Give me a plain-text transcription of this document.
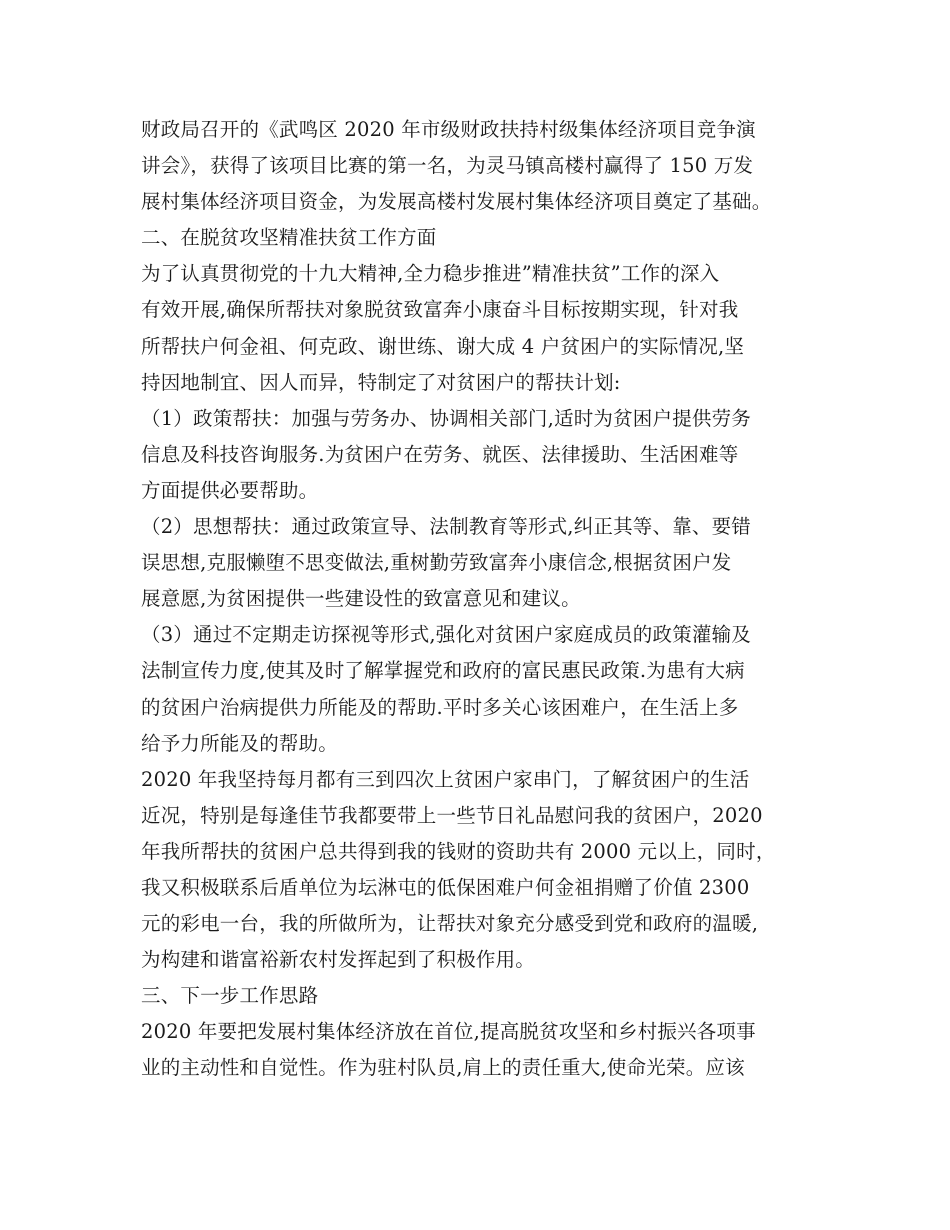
财政局召开的《武鸣区 2020 年市级财政扶持村级集体经济项目竞争演
讲会》，获得了该项目比赛的第一名，为灵马镇高楼村赢得了 150 万发
展村集体经济项目资金，为发展高楼村发展村集体经济项目奠定了基础。
二、在脱贫攻坚精准扶贫工作方面
为了认真贯彻党的十九大精神,全力稳步推进”精准扶贫”工作的深入
有效开展,确保所帮扶对象脱贫致富奔小康奋斗目标按期实现，针对我
所帮扶户何金祖、何克政、谢世练、谢大成 4 户贫困户的实际情况,坚
持因地制宜、因人而异，特制定了对贫困户的帮扶计划:
（1）政策帮扶：加强与劳务办、协调相关部门,适时为贫困户提供劳务
信息及科技咨询服务.为贫困户在劳务、就医、法律援助、生活困难等
方面提供必要帮助。
（2）思想帮扶：通过政策宣导、法制教育等形式,纠正其等、靠、要错
误思想,克服懒堕不思变做法,重树勤劳致富奔小康信念,根据贫困户发
展意愿,为贫困提供一些建设性的致富意见和建议。
（3）通过不定期走访探视等形式,强化对贫困户家庭成员的政策灌输及
法制宣传力度,使其及时了解掌握党和政府的富民惠民政策.为患有大病
的贫困户治病提供力所能及的帮助.平时多关心该困难户，在生活上多
给予力所能及的帮助。
2020 年我坚持每月都有三到四次上贫困户家串门，了解贫困户的生活
近况，特别是每逢佳节我都要带上一些节日礼品慰问我的贫困户，2020
年我所帮扶的贫困户总共得到我的钱财的资助共有 2000 元以上，同时，
我又积极联系后盾单位为坛淋屯的低保困难户何金祖捐赠了价值 2300
元的彩电一台，我的所做所为，让帮扶对象充分感受到党和政府的温暖,
为构建和谐富裕新农村发挥起到了积极作用。
三、下一步工作思路
2020 年要把发展村集体经济放在首位,提高脱贫攻坚和乡村振兴各项事
业的主动性和自觉性。作为驻村队员,肩上的责任重大,使命光荣。应该
